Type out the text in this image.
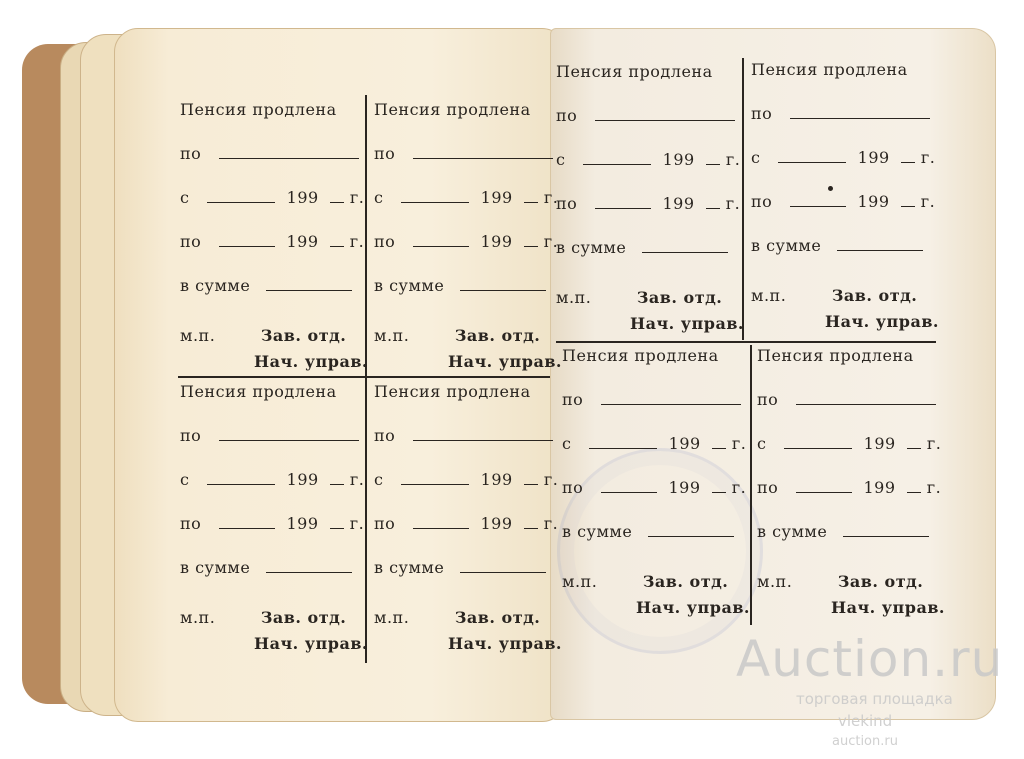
Пенсия продлена
по
с	199 г.
по	199 г.
в сумме
м.п.	Зав. отд.
Нач. управ.
Пенсия продлена
по
с	199 г.
по	199 г.
в сумме
м.п.	Зав. отд.
Нач. управ.
Пенсия продлена
по
с	199 г.
по	199 г.
в сумме
м.п.	Зав. отд.
Нач. управ.
Пенсия продлена
по
с	199 г.
по	199 г.
в сумме
м.п.	Зав. отд.
Нач. управ.
Пенсия продлена
по
с	199 г.
по	199 г.
в сумме
м.п.	Зав. отд.
Нач. управ.
Пенсия продлена
по
с	199 г.
по	199 г.
в сумме
м.п.	Зав. отд.
Нач. управ.
Пенсия продлена
по
с	199 г.
по	199 г.
в сумме
м.п.	Зав. отд.
Нач. управ.
Пенсия продлена
по
с	199 г.
по	199 г.
в сумме
м.п.	Зав. отд.
Нач. управ.
Auction.ru
торговая площадка
vlekind
auction.ru
